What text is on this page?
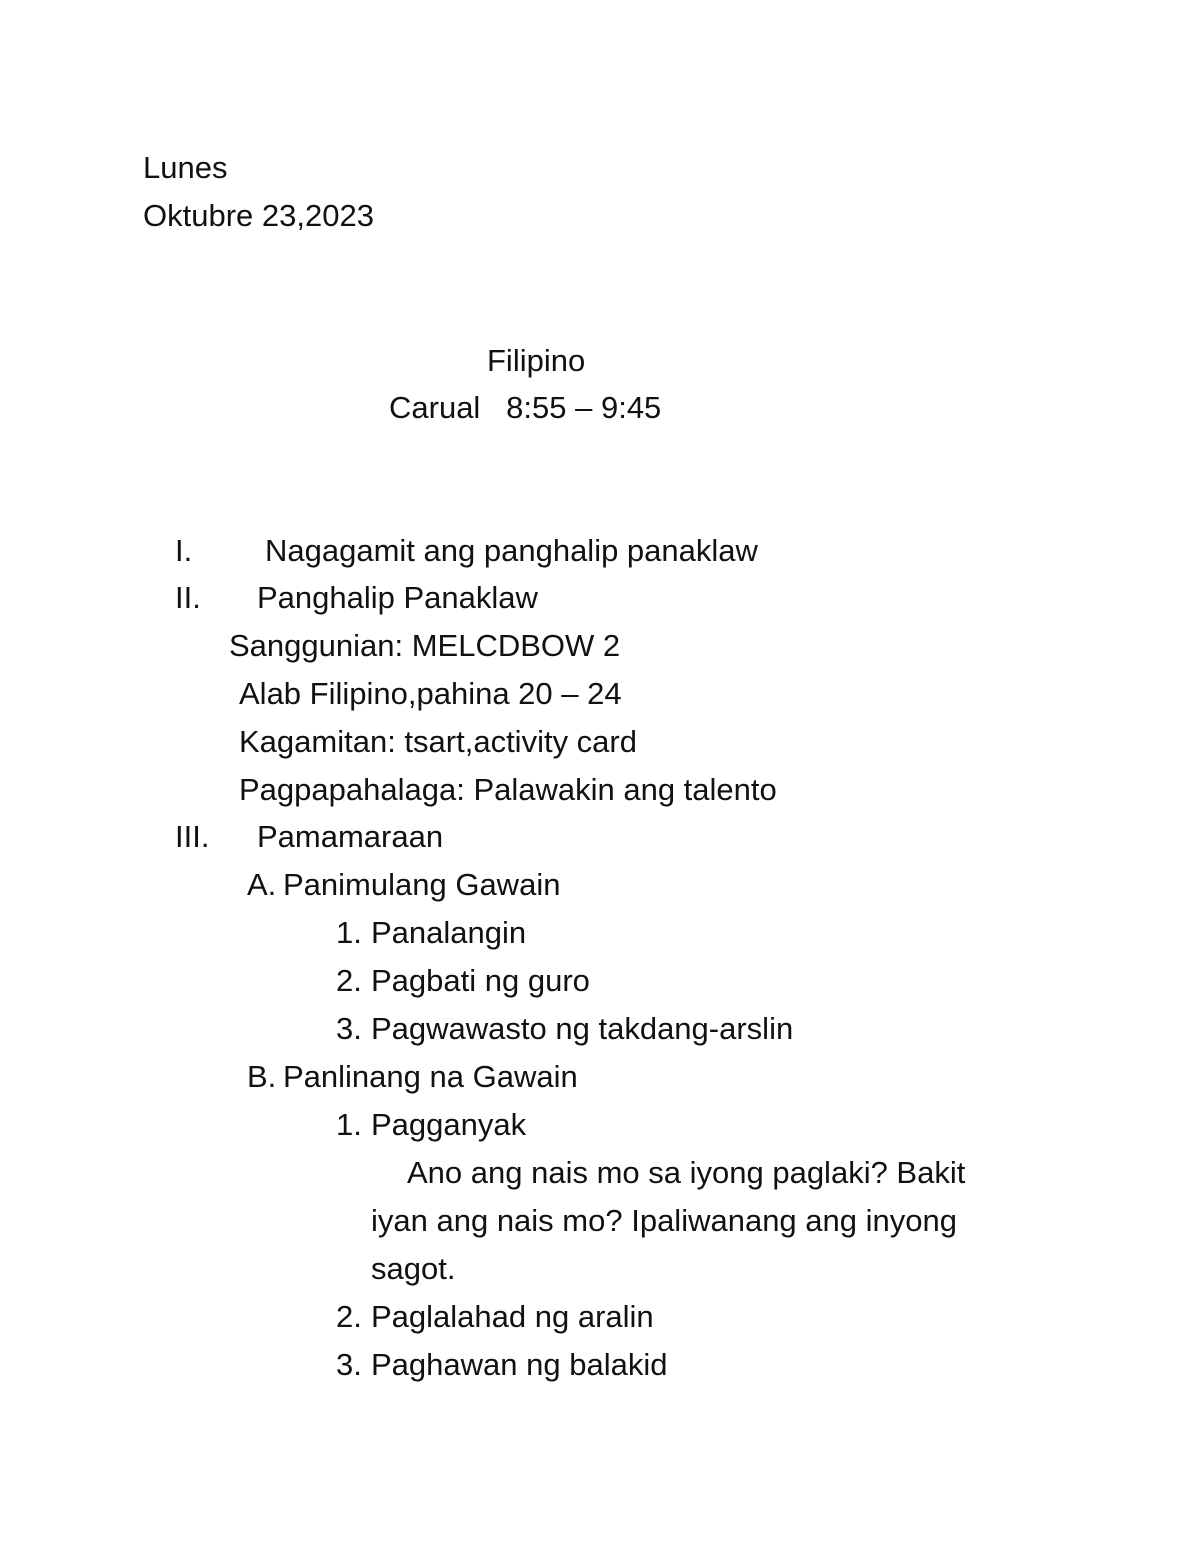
Lunes
Oktubre 23,2023
Filipino
Carual   8:55 – 9:45
I. Nagagamit ang panghalip panaklaw
II. Panghalip Panaklaw
Sanggunian: MELCDBOW 2
Alab Filipino,pahina 20 – 24
Kagamitan: tsart,activity card
Pagpapahalaga: Palawakin ang talento
III. Pamamaraan
A. Panimulang Gawain
1. Panalangin
2. Pagbati ng guro
3. Pagwawasto ng takdang-arslin
B. Panlinang na Gawain
1. Pagganyak
Ano ang nais mo sa iyong paglaki? Bakit
iyan ang nais mo? Ipaliwanang ang inyong
sagot.
2. Paglalahad ng aralin
3. Paghawan ng balakid
